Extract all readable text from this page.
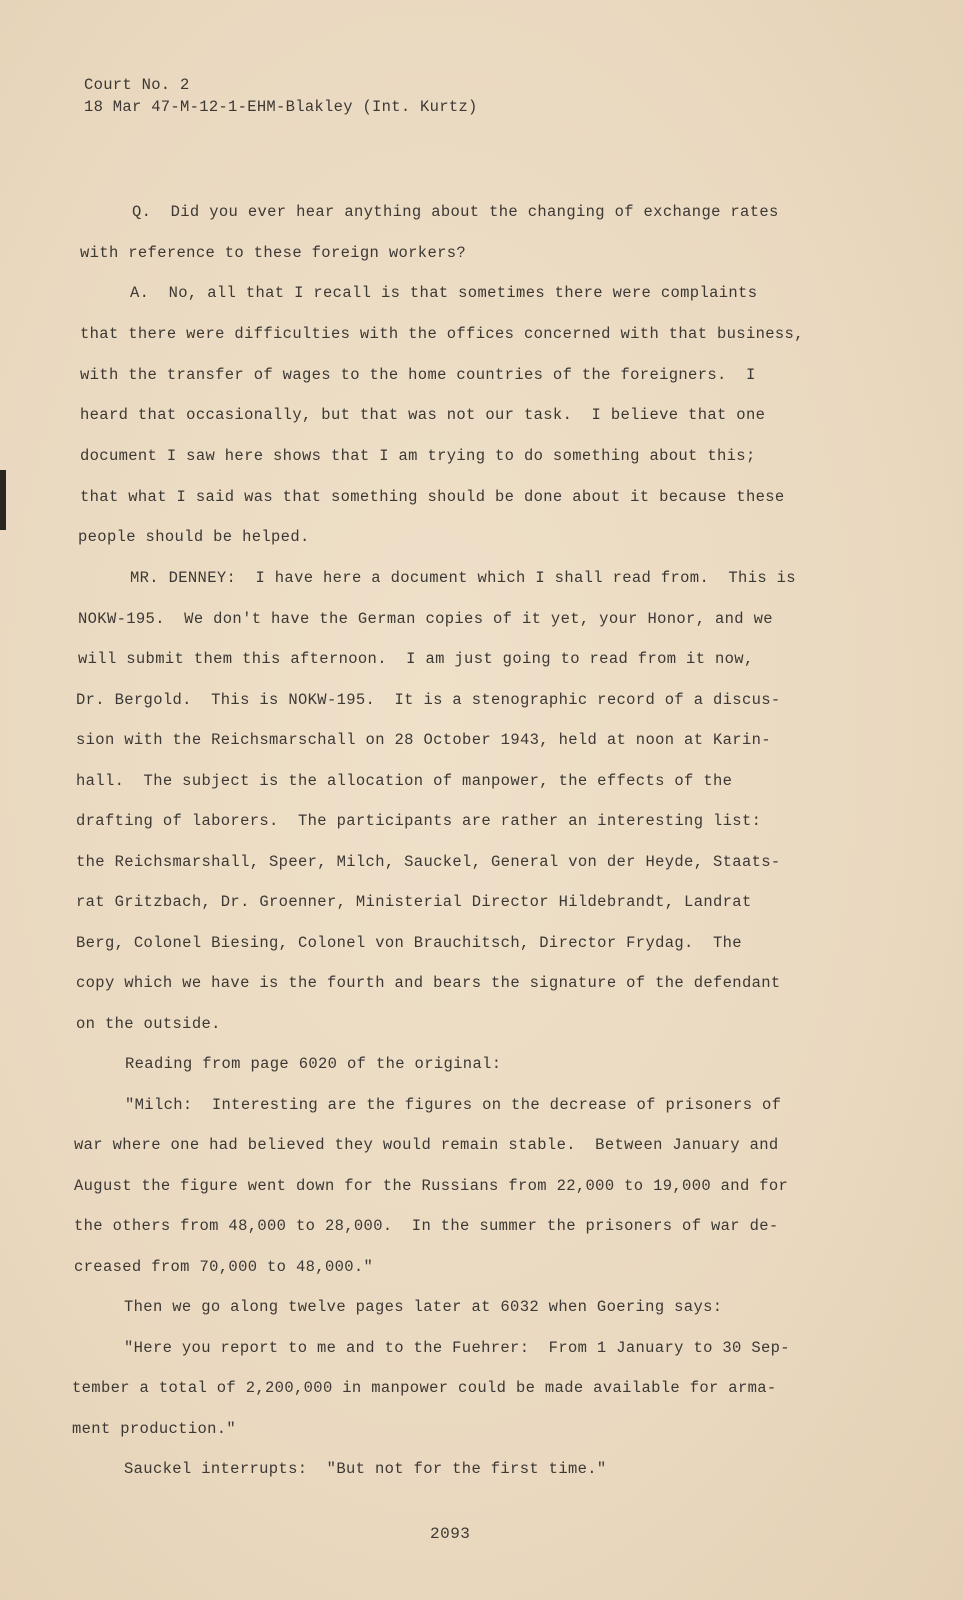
Court No. 2
18 Mar 47-M-12-1-EHM-Blakley (Int. Kurtz)
Q.  Did you ever hear anything about the changing of exchange rates
with reference to these foreign workers?
A.  No, all that I recall is that sometimes there were complaints
that there were difficulties with the offices concerned with that business,
with the transfer of wages to the home countries of the foreigners.  I
heard that occasionally, but that was not our task.  I believe that one
document I saw here shows that I am trying to do something about this;
that what I said was that something should be done about it because these
people should be helped.
MR. DENNEY:  I have here a document which I shall read from.  This is
NOKW-195.  We don't have the German copies of it yet, your Honor, and we
will submit them this afternoon.  I am just going to read from it now,
Dr. Bergold.  This is NOKW-195.  It is a stenographic record of a discus-
sion with the Reichsmarschall on 28 October 1943, held at noon at Karin-
hall.  The subject is the allocation of manpower, the effects of the
drafting of laborers.  The participants are rather an interesting list:
the Reichsmarshall, Speer, Milch, Sauckel, General von der Heyde, Staats-
rat Gritzbach, Dr. Groenner, Ministerial Director Hildebrandt, Landrat
Berg, Colonel Biesing, Colonel von Brauchitsch, Director Frydag.  The
copy which we have is the fourth and bears the signature of the defendant
on the outside.
Reading from page 6020 of the original:
"Milch:  Interesting are the figures on the decrease of prisoners of
war where one had believed they would remain stable.  Between January and
August the figure went down for the Russians from 22,000 to 19,000 and for
the others from 48,000 to 28,000.  In the summer the prisoners of war de-
creased from 70,000 to 48,000."
Then we go along twelve pages later at 6032 when Goering says:
"Here you report to me and to the Fuehrer:  From 1 January to 30 Sep-
tember a total of 2,200,000 in manpower could be made available for arma-
ment production."
Sauckel interrupts:  "But not for the first time."
2093
